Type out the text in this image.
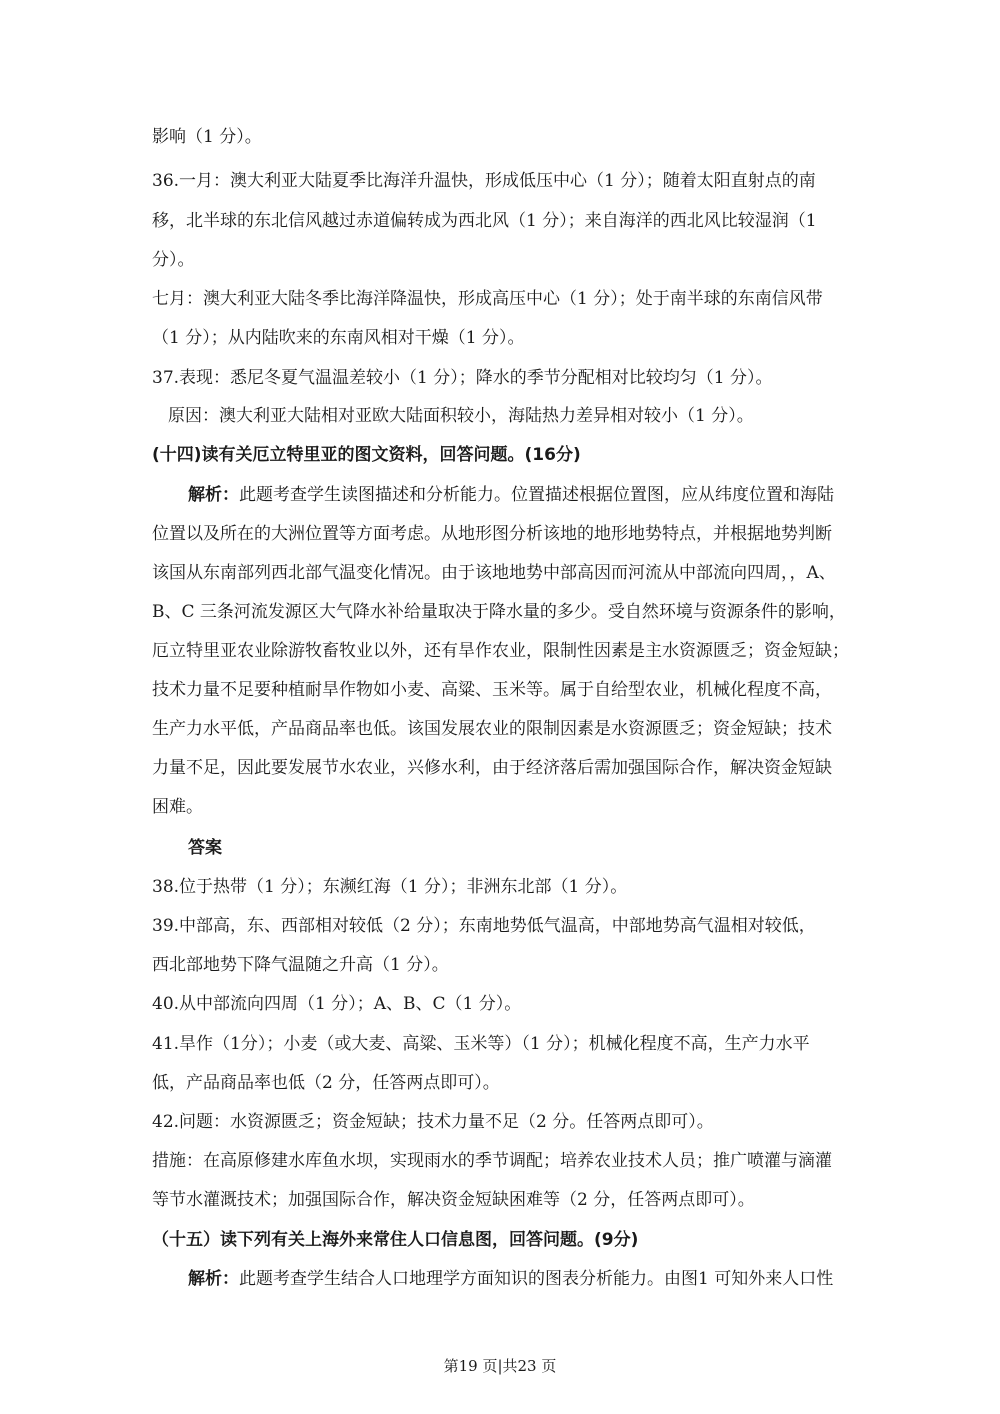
影响（1 分）。
36.一月：澳大利亚大陆夏季比海洋升温快，形成低压中心（1 分）；随着太阳直射点的南
移，北半球的东北信风越过赤道偏转成为西北风（1 分）；来自海洋的西北风比较湿润（1
分）。
七月：澳大利亚大陆冬季比海洋降温快，形成高压中心（1 分）；处于南半球的东南信风带
（1 分）；从内陆吹来的东南风相对干燥（1 分）。
37.表现：悉尼冬夏气温温差较小（1 分）；降水的季节分配相对比较均匀（1 分）。
原因：澳大利亚大陆相对亚欧大陆面积较小，海陆热力差异相对较小（1 分）。
(十四)读有关厄立特里亚的图文资料，回答问题。(16分)
解析：此题考查学生读图描述和分析能力。位置描述根据位置图，应从纬度位置和海陆
位置以及所在的大洲位置等方面考虑。从地形图分析该地的地形地势特点，并根据地势判断
该国从东南部列西北部气温变化情况。由于该地地势中部高因而河流从中部流向四周，，A、
B、C 三条河流发源区大气降水补给量取决于降水量的多少。受自然环境与资源条件的影响，
厄立特里亚农业除游牧畜牧业以外，还有旱作农业，限制性因素是主水资源匮乏；资金短缺；
技术力量不足要种植耐旱作物如小麦、高粱、玉米等。属于自给型农业，机械化程度不高，
生产力水平低，产品商品率也低。该国发展农业的限制因素是水资源匮乏；资金短缺；技术
力量不足，因此要发展节水农业，兴修水利，由于经济落后需加强国际合作，解决资金短缺
困难。
答案
38.位于热带（1 分）；东濒红海（1 分）；非洲东北部（1 分）。
39.中部高，东、西部相对较低（2 分）；东南地势低气温高，中部地势高气温相对较低，
西北部地势下降气温随之升高（1 分）。
40.从中部流向四周（1 分）；A、B、C（1 分）。
41.旱作（1分）；小麦（或大麦、高粱、玉米等）（1 分）；机械化程度不高，生产力水平
低，产品商品率也低（2 分，任答两点即可）。
42.问题：水资源匮乏；资金短缺；技术力量不足（2 分。任答两点即可）。
措施：在高原修建水库鱼水坝，实现雨水的季节调配；培养农业技术人员；推广喷灌与滴灌
等节水灌溉技术；加强国际合作，解决资金短缺困难等（2 分，任答两点即可）。
（十五）读下列有关上海外来常住人口信息图，回答问题。(9分)
解析：此题考查学生结合人口地理学方面知识的图表分析能力。由图1 可知外来人口性
第19 页|共23 页
